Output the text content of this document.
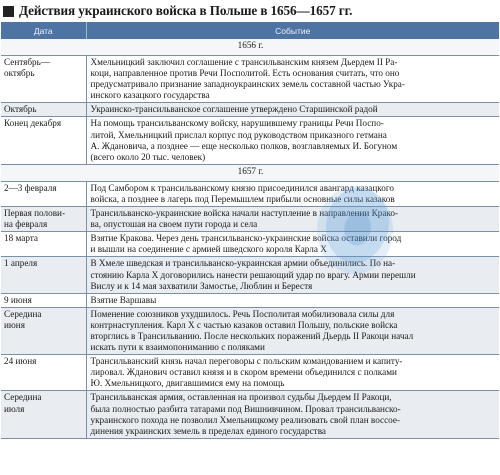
Действия украинского войска в Польше в 1656—1657 гг.
Дата	Событие
1656 г.	
Сентябрь—
октябрь	Хмельницкий заключил соглашение с трансильванским князем Дьердем II Ра-
коци, направленное против Речи Посполитой. Есть основания считать, что оно
предусматривало признание западноукраинских земель составной частью Укра-
инского казацкого государства
Октябрь	Украинско-трансильванское соглашение утверждено Старшинской радой
Конец декабря	На помощь трансильванскому войску, нарушившему границы Речи Поспо-
литой, Хмельницкий прислал корпус под руководством приказного гетмана
А. Ждановича, а позднее — еще несколько полков, возглавляемых И. Богуном
(всего около 20 тыс. человек)
1657 г.	
2—3 февраля	Под Самбором к трансильванскому князю присоединился авангард казацкого
войска, а позднее в лагерь под Перемышлем прибыли основные силы казаков
Первая полови-
на февраля	Трансильванско-украинские войска начали наступление в направлении Крако-
ва, опустошая на своем пути города и села
18 марта	Взятие Кракова. Через день трансильванско-украинские войска оставили город
и вышли на соединение с армией шведского короля Карла X
1 апреля	В Хмеле шведская и трансильванско-украинская армии объединились. По на-
стоянию Карла X договорились нанести решающий удар по врагу. Армии перешли
Вислу и к 14 мая захватили Замостье, Люблин и Берестя
9 июня	Взятие Варшавы
Середина
июня	Поменение союзников ухудшилось. Речь Посполитая мобилизовала силы для
контрнаступления. Карл X с частью казаков оставил Польшу, польские войска
вторглись в Трансильванию. После нескольких поражений Дьердь II Ракоци начал
искать пути к взаимопониманию с поляками
24 июня	Трансильванский князь начал переговоры с польским командованием и капиту-
лировал. Жданович оставил князя и в скором времени объединился с полками
Ю. Хмельницкого, двигавшимися ему на помощь
Середина
июля	Трансильванская армия, оставленная на произвол судьбы Дьердем II Ракоци,
была полностью разбита татарами под Вишнивчином. Провал трансильванско-
украинского похода не позволил Хмельницкому реализовать свой план воссое-
динения украинских земель в пределах единого государства
